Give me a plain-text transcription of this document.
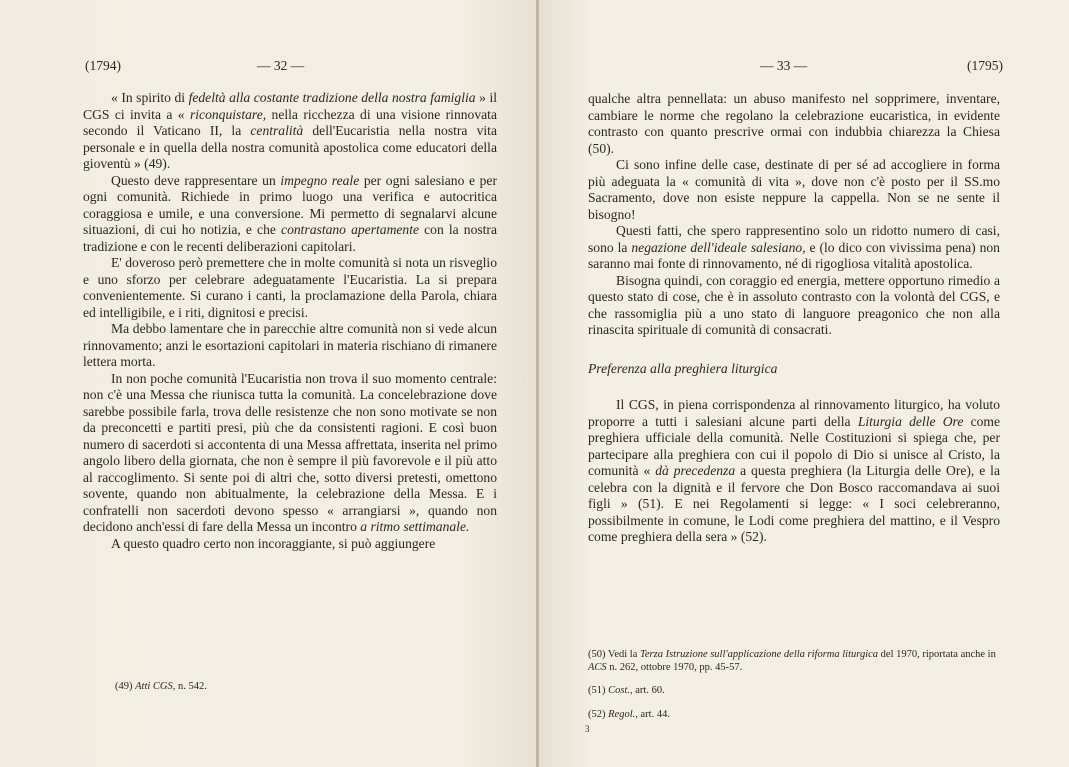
(1794)	— 32 —

« In spirito di fedeltà alla costante tradizione della nostra famiglia » il CGS ci invita a « riconquistare, nella ricchezza di una visione rinnovata secondo il Vaticano II, la centralità dell'Eucaristia nella nostra vita personale e in quella della nostra comunità apostolica come educatori della gioventù » (49).

Questo deve rappresentare un impegno reale per ogni salesiano e per ogni comunità. Richiede in primo luogo una verifica e autocritica coraggiosa e umile, e una conversione. Mi permetto di segnalarvi alcune situazioni, di cui ho notizia, e che contrastano apertamente con la nostra tradizione e con le recenti deliberazioni capitolari.

E' doveroso però premettere che in molte comunità si nota un risveglio e uno sforzo per celebrare adeguatamente l'Eucaristia. La si prepara convenientemente. Si curano i canti, la proclamazione della Parola, chiara ed intelligibile, e i riti, dignitosi e precisi.

Ma debbo lamentare che in parecchie altre comunità non si vede alcun rinnovamento; anzi le esortazioni capitolari in materia rischiano di rimanere lettera morta.

In non poche comunità l'Eucaristia non trova il suo momento centrale: non c'è una Messa che riunisca tutta la comunità. La concelebrazione dove sarebbe possibile farla, trova delle resistenze che non sono motivate se non da preconcetti e partiti presi, più che da consistenti ragioni. E così buon numero di sacerdoti si accontenta di una Messa affrettata, inserita nel primo angolo libero della giornata, che non è sempre il più favorevole e il più atto al raccoglimento. Si sente poi di altri che, sotto diversi pretesti, omettono sovente, quando non abitualmente, la celebrazione della Messa. E i confratelli non sacerdoti devono spesso « arrangiarsi », quando non decidono anch'essi di fare della Messa un incontro a ritmo settimanale.

A questo quadro certo non incoraggiante, si può aggiungere

(49) Atti CGS, n. 542.
— 33 —	(1795)

qualche altra pennellata: un abuso manifesto nel sopprimere, inventare, cambiare le norme che regolano la celebrazione eucaristica, in evidente contrasto con quanto prescrive ormai con indubbia chiarezza la Chiesa (50).

Ci sono infine delle case, destinate di per sé ad accogliere in forma più adeguata la « comunità di vita », dove non c'è posto per il SS.mo Sacramento, dove non esiste neppure la cappella. Non se ne sente il bisogno!

Questi fatti, che spero rappresentino solo un ridotto numero di casi, sono la negazione dell'ideale salesiano, e (lo dico con vivissima pena) non saranno mai fonte di rinnovamento, né di rigogliosa vitalità apostolica.

Bisogna quindi, con coraggio ed energia, mettere opportuno rimedio a questo stato di cose, che è in assoluto contrasto con la volontà del CGS, e che rassomiglia più a uno stato di languore preagonico che non alla rinascita spirituale di comunità di consacrati.

Preferenza alla preghiera liturgica

Il CGS, in piena corrispondenza al rinnovamento liturgico, ha voluto proporre a tutti i salesiani alcune parti della Liturgia delle Ore come preghiera ufficiale della comunità. Nelle Costituzioni si spiega che, per partecipare alla preghiera con cui il popolo di Dio si unisce al Cristo, la comunità « dà precedenza a questa preghiera (la Liturgia delle Ore), e la celebra con la dignità e il fervore che Don Bosco raccomandava ai suoi figli » (51). E nei Regolamenti si legge: « I soci celebreranno, possibilmente in comune, le Lodi come preghiera del mattino, e il Vespro come preghiera della sera » (52).

(50) Vedi la Terza Istruzione sull'applicazione della riforma liturgica del 1970, riportata anche in ACS n. 262, ottobre 1970, pp. 45-57.

(51) Cost., art. 60.

(52) Regol., art. 44.

3
